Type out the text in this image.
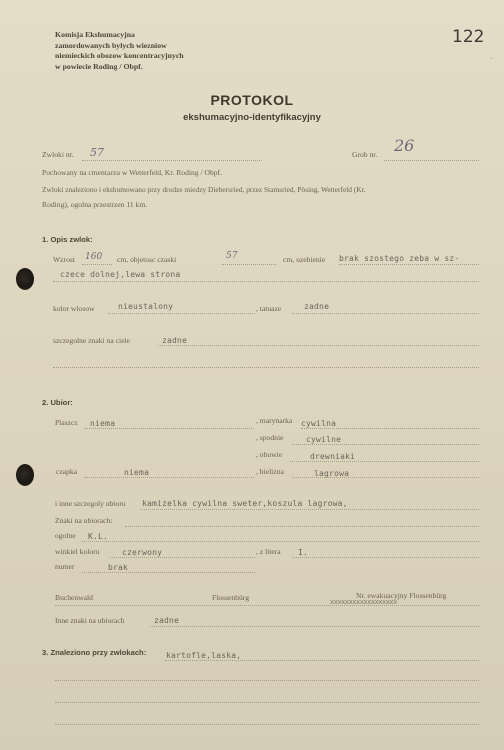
Komisja Ekshumacyjna
zamordowanych bylych wiezniow
niemieckich obozow koncentracyjnych
w powiecie Roding / Obpf.
122
·
PROTOKOL
ekshumacyjno-identyfikacyjny
Zwloki nr. 57	Grob nr. 26
Pochowany na cmentarzu w Wetterfeld, Kr. Roding / Obpf.
Zwloki znaleziono i ekshumowano przy drodze miedzy Diebersried, przez Stamsried, Pösing, Wetterfeld (Kr.
Roding), ogolna przestrzen 11 km.
1. Opis zwlok:
Wzrost 160 cm, objetosc czaski	57	cm, uzebienie brak szostego zeba w sz-
czece dolnej,lewa strona
kolor wlosow	nieustalony	, tatuaze	zadne
szczegolne znaki na ciele	zadne
2. Ubior:
Plaszcz niema	, marynarka cywilna
, spodnie	cywilne
, obuwie	drewniaki
czapka	niema	, bielizna	lagrowa
i inne szczegoly ubioru kamizelka cywilna sweter,koszula lagrowa,
Znaki na ubiorach:
ogolne K.L.
winkiel koloru	czerwony	, z litera I.
numer	brak
Buchenwald	Flossenbürg	Nr. ewakuacyjny Flossenbürg
xxxxxxxxxxxxxxxxxx
Inne znaki na ubiorach	zadne
3. Znaleziono przy zwlokach: kartofle,laska,
